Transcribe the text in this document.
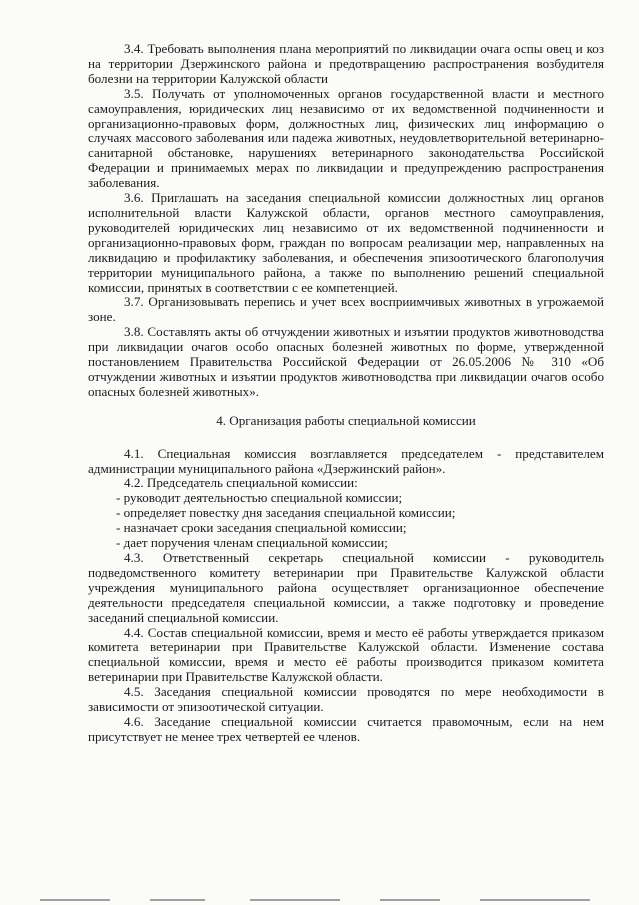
3.4. Требовать выполнения плана мероприятий по ликвидации очага оспы овец и коз на территории Дзержинского района и предотвращению распространения возбудителя болезни на территории Калужской области

3.5. Получать от уполномоченных органов государственной власти и местного самоуправления, юридических лиц независимо от их ведомственной подчиненности и организационно-правовых форм, должностных лиц, физических лиц информацию о случаях массового заболевания или падежа животных, неудовлетворительной ветеринарно-санитарной обстановке, нарушениях ветеринарного законодательства Российской Федерации и принимаемых мерах по ликвидации и предупреждению распространения заболевания.

3.6. Приглашать на заседания специальной комиссии должностных лиц органов исполнительной власти Калужской области, органов местного самоуправления, руководителей юридических лиц независимо от их ведомственной подчиненности и организационно-правовых форм, граждан по вопросам реализации мер, направленных на ликвидацию и профилактику заболевания, и обеспечения эпизоотического благополучия территории муниципального района, а также по выполнению решений специальной комиссии, принятых в соответствии с ее компетенцией.

3.7. Организовывать перепись и учет всех восприимчивых животных в угрожаемой зоне.

3.8. Составлять акты об отчуждении животных и изъятии продуктов животноводства при ликвидации очагов особо опасных болезней животных по форме, утвержденной постановлением Правительства Российской Федерации от 26.05.2006 № 310 «Об отчуждении животных и изъятии продуктов животноводства при ликвидации очагов особо опасных болезней животных».

4. Организация работы специальной комиссии

4.1. Специальная комиссия возглавляется председателем - представителем администрации муниципального района «Дзержинский район».

4.2. Председатель специальной комиссии:

- руководит деятельностью специальной комиссии;

- определяет повестку дня заседания специальной комиссии;

- назначает сроки заседания специальной комиссии;

- дает поручения членам специальной комиссии;

4.3. Ответственный секретарь специальной комиссии - руководитель подведомственного комитету ветеринарии при Правительстве Калужской области учреждения муниципального района осуществляет организационное обеспечение деятельности председателя специальной комиссии, а также подготовку и проведение заседаний специальной комиссии.

4.4. Состав специальной комиссии, время и место её работы утверждается приказом комитета ветеринарии при Правительстве Калужской области. Изменение состава специальной комиссии, время и место её работы производится приказом комитета ветеринарии при Правительстве Калужской области.

4.5. Заседания специальной комиссии проводятся по мере необходимости в зависимости от эпизоотической ситуации.

4.6. Заседание специальной комиссии считается правомочным, если на нем присутствует не менее трех четвертей ее членов.
